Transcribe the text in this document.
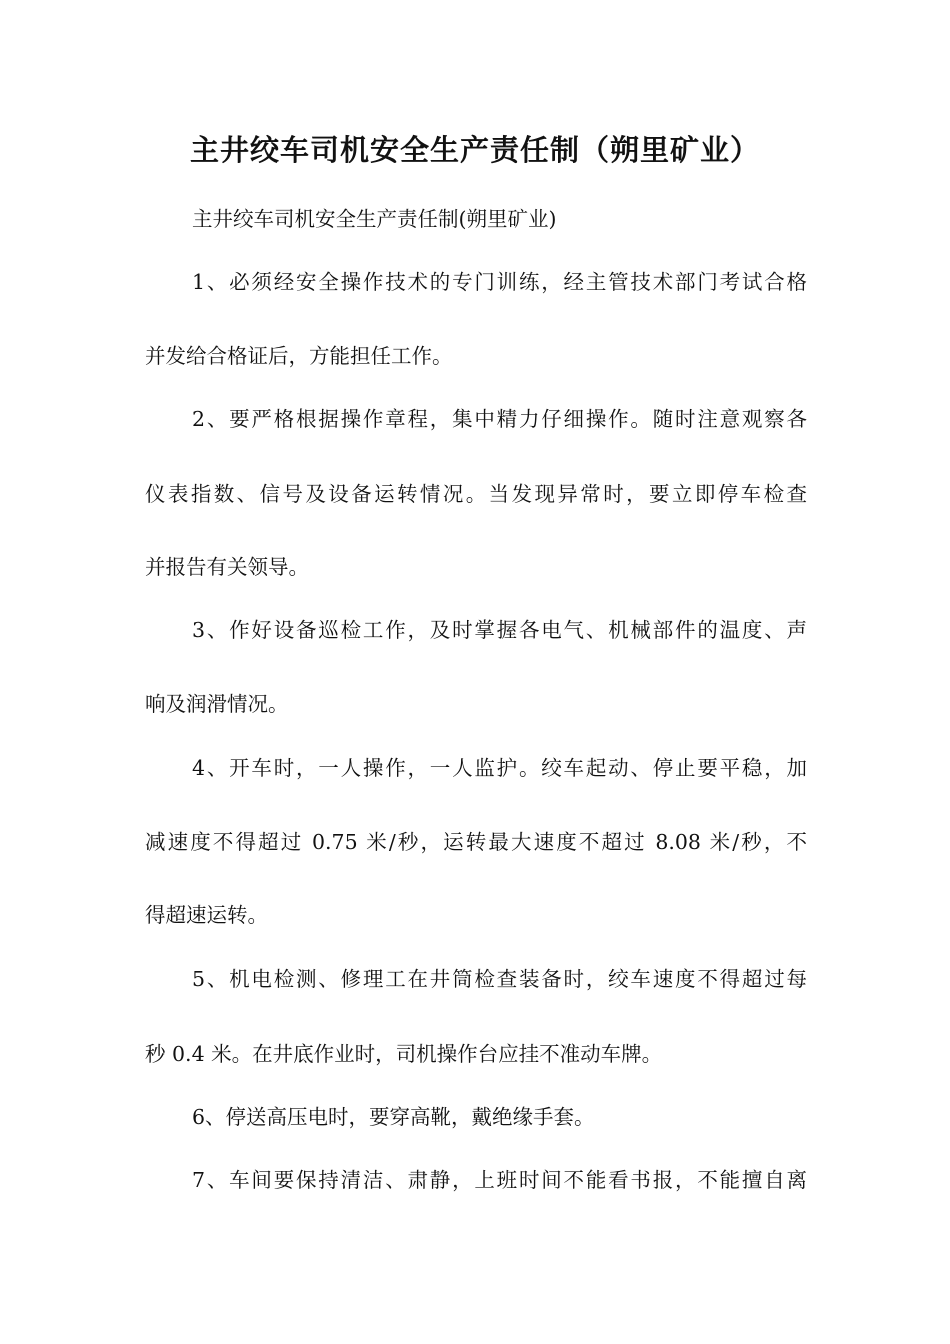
主井绞车司机安全生产责任制（朔里矿业）
主井绞车司机安全生产责任制(朔里矿业)
1、必须经安全操作技术的专门训练，经主管技术部门考试合格
并发给合格证后，方能担任工作。
2、要严格根据操作章程，集中精力仔细操作。随时注意观察各
仪表指数、信号及设备运转情况。当发现异常时，要立即停车检查
并报告有关领导。
3、作好设备巡检工作，及时掌握各电气、机械部件的温度、声
响及润滑情况。
4、开车时，一人操作，一人监护。绞车起动、停止要平稳，加
减速度不得超过 0.75 米/秒，运转最大速度不超过 8.08 米/秒，不
得超速运转。
5、机电检测、修理工在井筒检查装备时，绞车速度不得超过每
秒 0.4 米。在井底作业时，司机操作台应挂不准动车牌。
6、停送高压电时，要穿高靴，戴绝缘手套。
7、车间要保持清洁、肃静，上班时间不能看书报，不能擅自离
